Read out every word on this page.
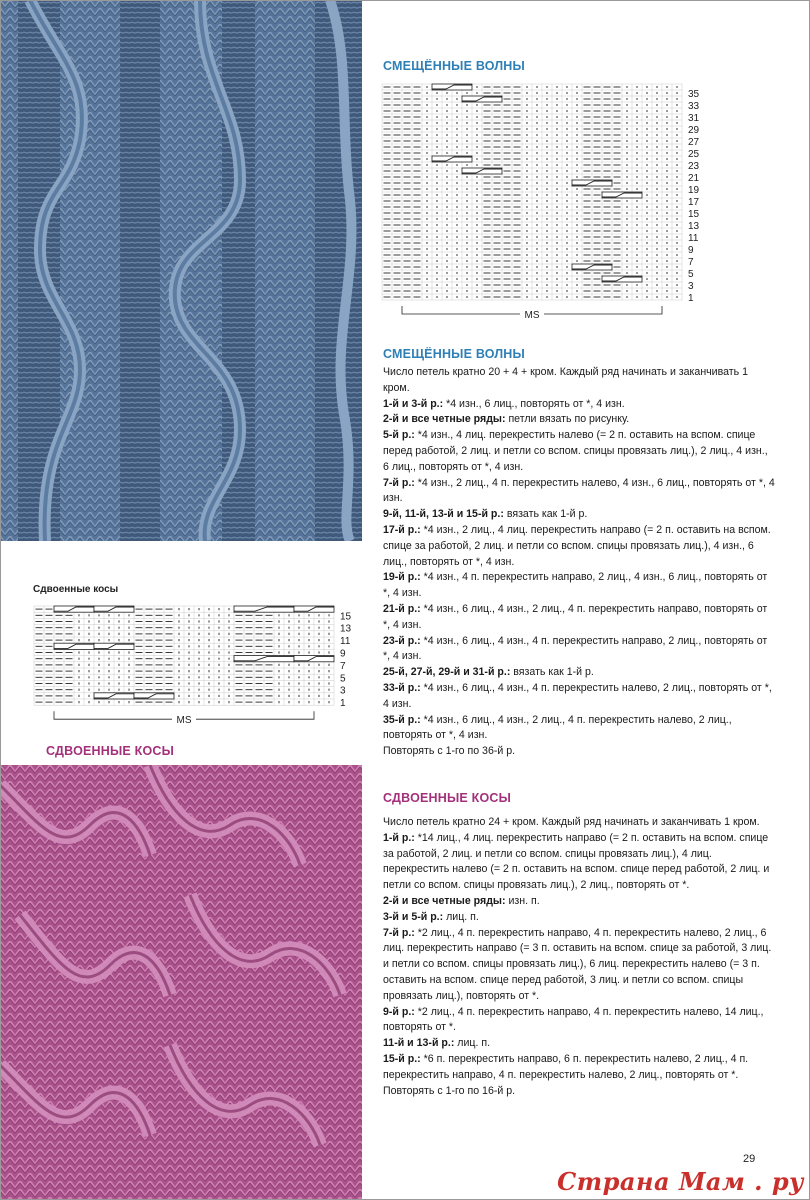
СМЕЩЁННЫЕ ВОЛНЫ
35
33
31
29
27
25
23
21
19
17
15
13
11
9
7
5
3
1
MS
Сдвоенные косы
15
13
11
9
7
5
3
1
MS
СДВОЕННЫЕ КОСЫ
СМЕЩЁННЫЕ ВОЛНЫ

Число петель кратно 20 + 4 + кром. Каждый ряд начинать и заканчивать 1 кром.

1-й и 3-й р.: *4 изн., 6 лиц., повторять от *, 4 изн.

2-й и все четные ряды: петли вязать по рисунку.

5-й р.: *4 изн., 4 лиц. перекрестить налево (= 2 п. оставить на вспом. спице перед работой, 2 лиц. и петли со вспом. спицы провязать лиц.), 2 лиц., 4 изн., 6 лиц., повторять от *, 4 изн.

7-й р.: *4 изн., 2 лиц., 4 п. перекрестить налево, 4 изн., 6 лиц., повторять от *, 4 изн.

9-й, 11-й, 13-й и 15-й р.: вязать как 1-й р.

17-й р.: *4 изн., 2 лиц., 4 лиц. перекрестить направо (= 2 п. оставить на вспом. спице за работой, 2 лиц. и петли со вспом. спицы провязать лиц.), 4 изн., 6 лиц., повторять от *, 4 изн.

19-й р.: *4 изн., 4 п. перекрестить направо, 2 лиц., 4 изн., 6 лиц., повторять от *, 4 изн.

21-й р.: *4 изн., 6 лиц., 4 изн., 2 лиц., 4 п. перекрестить направо, повторять от *, 4 изн.

23-й р.: *4 изн., 6 лиц., 4 изн., 4 п. перекрестить направо, 2 лиц., повторять от *, 4 изн.

25-й, 27-й, 29-й и 31-й р.: вязать как 1-й р.

33-й р.: *4 изн., 6 лиц., 4 изн., 4 п. перекрестить налево, 2 лиц., повторять от *, 4 изн.

35-й р.: *4 изн., 6 лиц., 4 изн., 2 лиц., 4 п. перекрестить налево, 2 лиц., повторять от *, 4 изн.

Повторять с 1-го по 36-й р.

СДВОЕННЫЕ КОСЫ

Число петель кратно 24 + кром. Каждый ряд начинать и заканчивать 1 кром.

1-й р.: *14 лиц., 4 лиц. перекрестить направо (= 2 п. оставить на вспом. спице за работой, 2 лиц. и петли со вспом. спицы провязать лиц.), 4 лиц. перекрестить налево (= 2 п. оставить на вспом. спице перед работой, 2 лиц. и петли со вспом. спицы провязать лиц.), 2 лиц., повторять от *.

2-й и все четные ряды: изн. п.

3-й и 5-й р.: лиц. п.

7-й р.: *2 лиц., 4 п. перекрестить направо, 4 п. перекрестить налево, 2 лиц., 6 лиц. перекрестить направо (= 3 п. оставить на вспом. спице за работой, 3 лиц. и петли со вспом. спицы провязать лиц.), 6 лиц. перекрестить налево (= 3 п. оставить на вспом. спице перед работой, 3 лиц. и петли со вспом. спицы провязать лиц.), повторять от *.

9-й р.: *2 лиц., 4 п. перекрестить направо, 4 п. перекрестить налево, 14 лиц., повторять от *.

11-й и 13-й р.: лиц. п.

15-й р.: *6 п. перекрестить направо, 6 п. перекрестить налево, 2 лиц., 4 п. перекрестить направо, 4 п. перекрестить налево, 2 лиц., повторять от *.

Повторять с 1-го по 16-й р.

29
Страна Мам . ру
